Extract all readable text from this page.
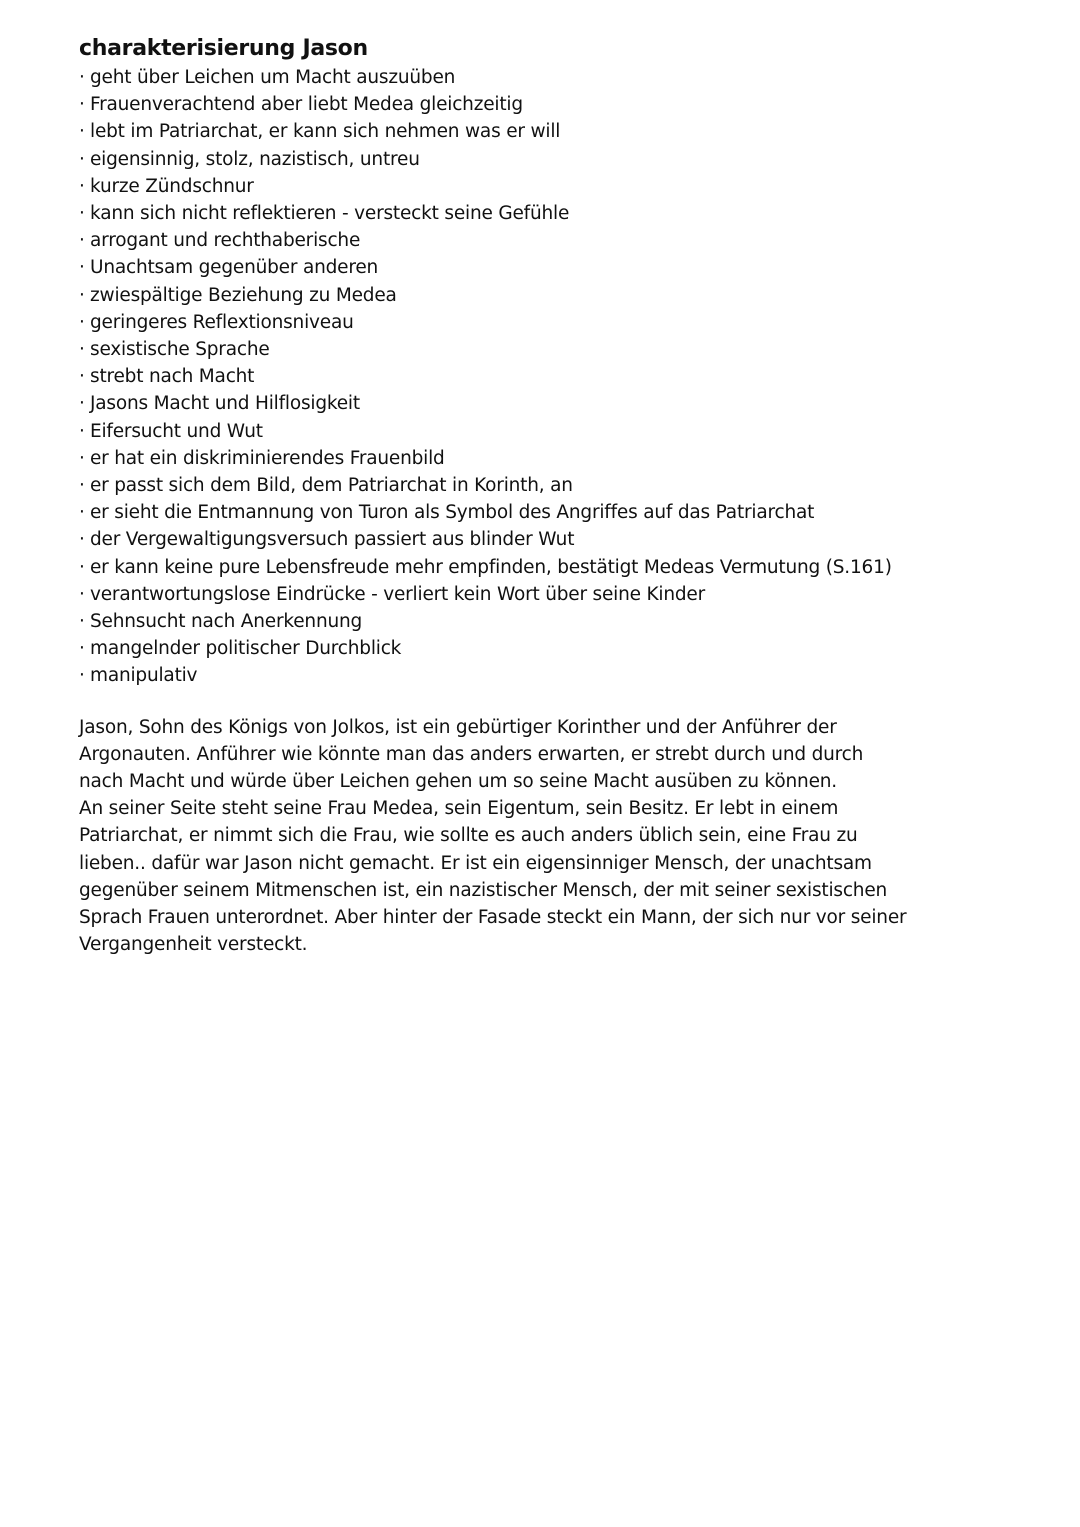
charakterisierung Jason
· geht über Leichen um Macht auszuüben
· Frauenverachtend aber liebt Medea gleichzeitig
· lebt im Patriarchat, er kann sich nehmen was er will
· eigensinnig, stolz, nazistisch, untreu
· kurze Zündschnur
· kann sich nicht reflektieren - versteckt seine Gefühle
· arrogant und rechthaberische
· Unachtsam gegenüber anderen
· zwiespältige Beziehung zu Medea
· geringeres Reflextionsniveau
· sexistische Sprache
· strebt nach Macht
· Jasons Macht und Hilflosigkeit
· Eifersucht und Wut
· er hat ein diskriminierendes Frauenbild
· er passt sich dem Bild, dem Patriarchat in Korinth, an
· er sieht die Entmannung von Turon als Symbol des Angriffes auf das Patriarchat
· der Vergewaltigungsversuch passiert aus blinder Wut
· er kann keine pure Lebensfreude mehr empfinden, bestätigt Medeas Vermutung (S.161)
· verantwortungslose Eindrücke - verliert kein Wort über seine Kinder
· Sehnsucht nach Anerkennung
· mangelnder politischer Durchblick
· manipulativ

Jason, Sohn des Königs von Jolkos, ist ein gebürtiger Korinther und der Anführer der
Argonauten. Anführer wie könnte man das anders erwarten, er strebt durch und durch
nach Macht und würde über Leichen gehen um so seine Macht ausüben zu können.
An seiner Seite steht seine Frau Medea, sein Eigentum, sein Besitz. Er lebt in einem
Patriarchat, er nimmt sich die Frau, wie sollte es auch anders üblich sein, eine Frau zu
lieben.. dafür war Jason nicht gemacht. Er ist ein eigensinniger Mensch, der unachtsam
gegenüber seinem Mitmenschen ist, ein nazistischer Mensch, der mit seiner sexistischen
Sprach Frauen unterordnet. Aber hinter der Fasade steckt ein Mann, der sich nur vor seiner
Vergangenheit versteckt.
